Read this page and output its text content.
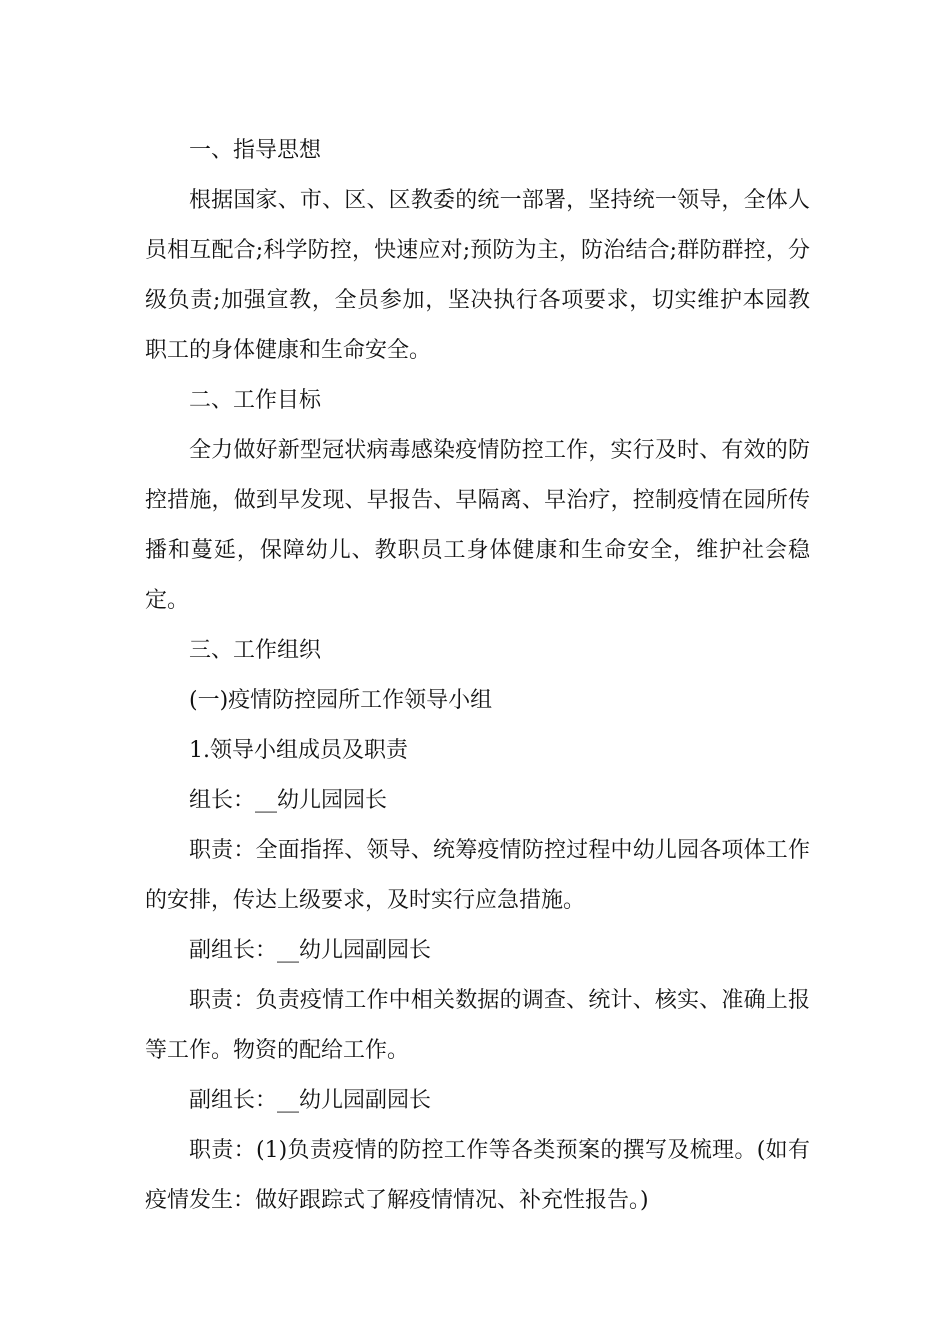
一、指导思想

根据国家、市、区、区教委的统一部署，坚持统一领导，全体人员相互配合;科学防控，快速应对;预防为主，防治结合;群防群控，分级负责;加强宣教，全员参加，坚决执行各项要求，切实维护本园教职工的身体健康和生命安全。

二、工作目标

全力做好新型冠状病毒感染疫情防控工作，实行及时、有效的防控措施，做到早发现、早报告、早隔离、早治疗，控制疫情在园所传播和蔓延，保障幼儿、教职员工身体健康和生命安全，维护社会稳定。

三、工作组织

(一)疫情防控园所工作领导小组

1.领导小组成员及职责

组长：__幼儿园园长

职责：全面指挥、领导、统筹疫情防控过程中幼儿园各项体工作的安排，传达上级要求，及时实行应急措施。

副组长：__幼儿园副园长

职责：负责疫情工作中相关数据的调查、统计、核实、准确上报等工作。物资的配给工作。

副组长：__幼儿园副园长

职责：(1)负责疫情的防控工作等各类预案的撰写及梳理。(如有疫情发生：做好跟踪式了解疫情情况、补充性报告。)
